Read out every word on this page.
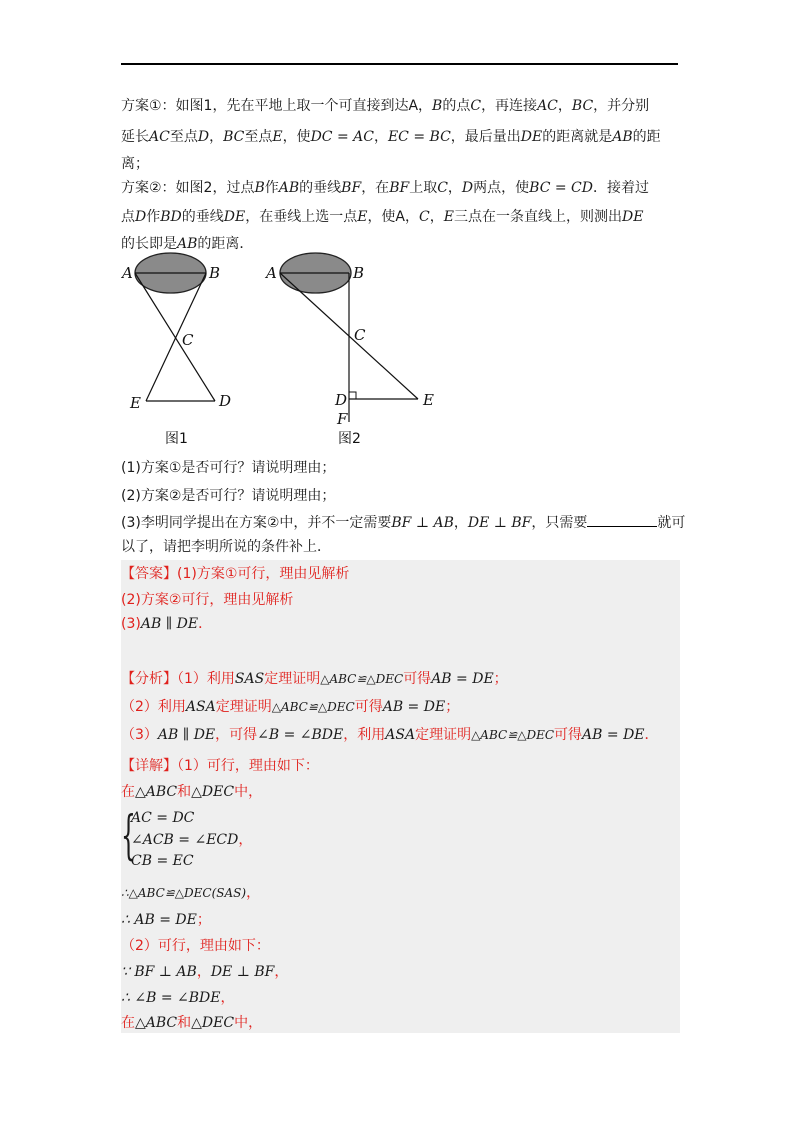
方案①：如图1，先在平地上取一个可直接到达A，B的点C，再连接AC，BC，并分别
延长AC至点D，BC至点E，使DC = AC，EC = BC，最后量出DE的距离就是AB的距
离；
方案②：如图2，过点B作AB的垂线BF，在BF上取C，D两点，使BC = CD．接着过
点D作BD的垂线DE，在垂线上选一点E，使A，C，E三点在一条直线上，则测出DE
的长即是AB的距离．
A	B
C
E	D
图1
A	B
C
D	E
F
图2
(1)方案①是否可行？请说明理由；
(2)方案②是否可行？请说明理由；
(3)李明同学提出在方案②中，并不一定需要BF ⊥ AB，DE ⊥ BF，只需要	就可
以了，请把李明所说的条件补上．
【答案】(1)方案①可行，理由见解析
(2)方案②可行，理由见解析
(3)AB ∥ DE．
【分析】（1）利用SAS定理证明△ABC≌△DEC可得AB = DE；
（2）利用ASA定理证明△ABC≌△DEC可得AB = DE；
（3）AB ∥ DE，可得∠B = ∠BDE，利用ASA定理证明△ABC≌△DEC可得AB = DE．
【详解】（1）可行，理由如下：
在△ABC和△DEC中，
{
AC = DC
∠ACB = ∠ECD，
CB = EC
∴△ABC≌△DEC(SAS)，
∴ AB = DE；
（2）可行，理由如下：
∵ BF ⊥ AB，DE ⊥ BF，
∴ ∠B = ∠BDE，
在△ABC和△DEC中，
